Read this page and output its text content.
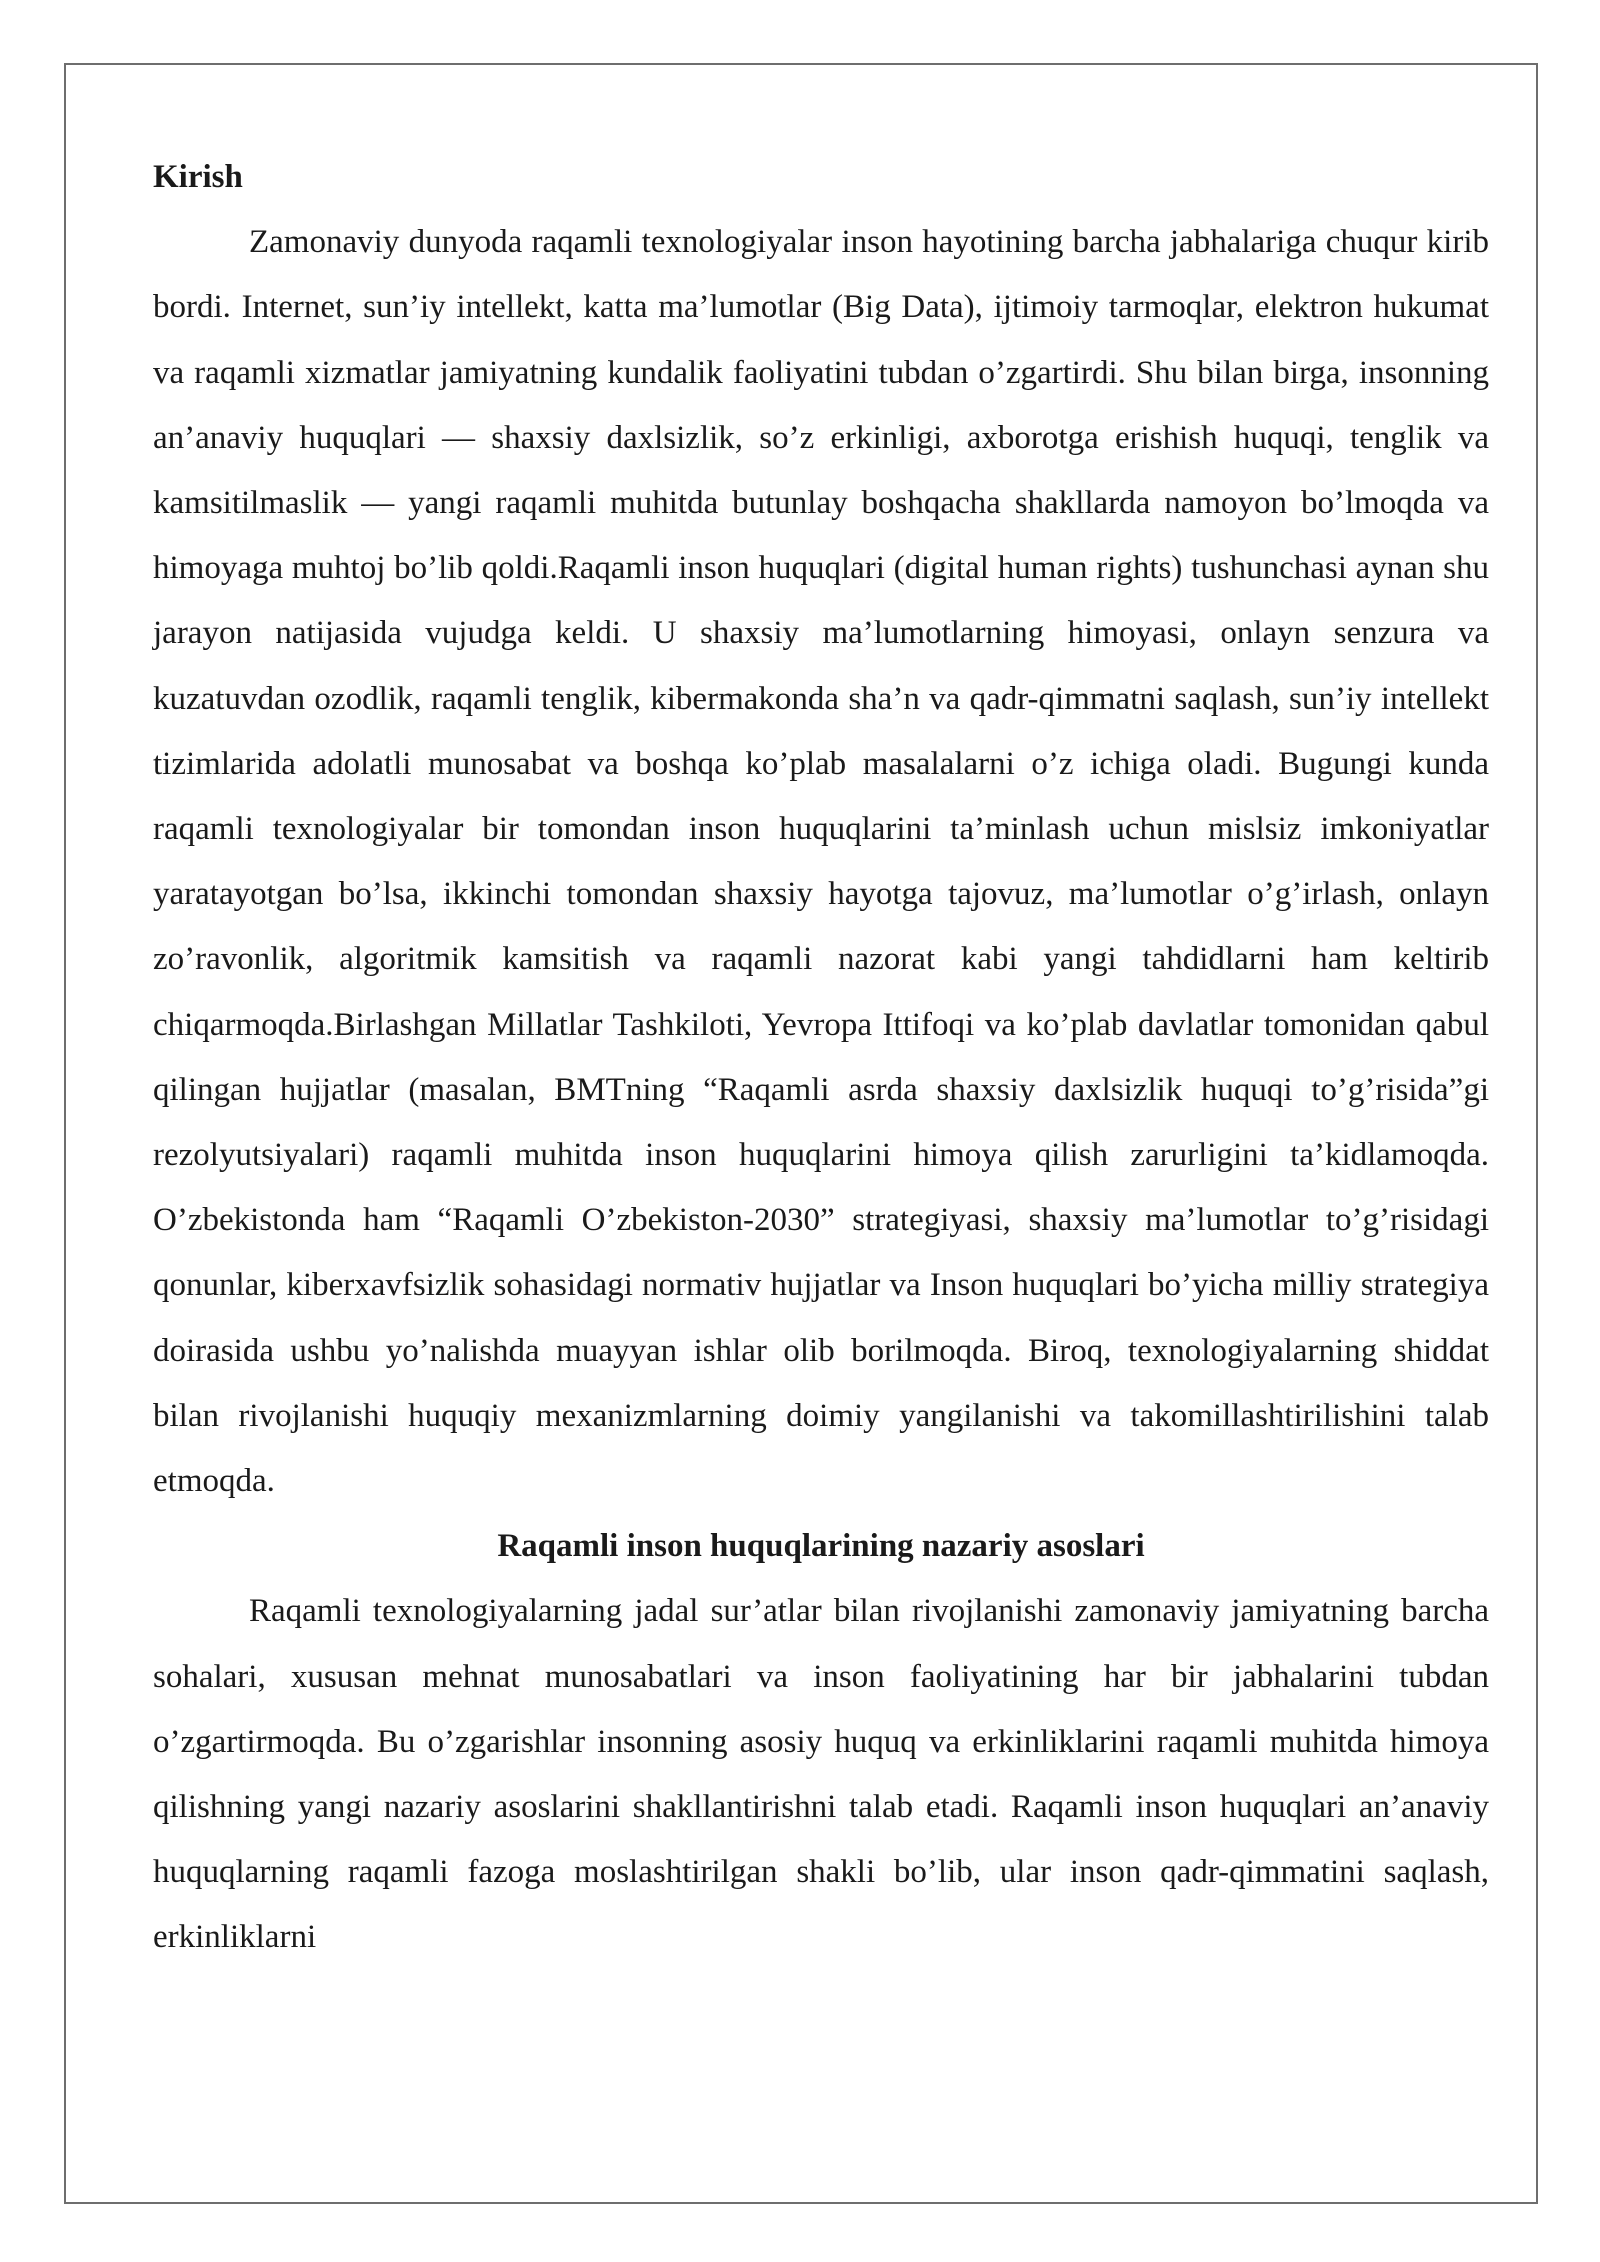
Kirish

Zamonaviy dunyoda raqamli texnologiyalar inson hayotining barcha jabhalariga chuqur kirib bordi. Internet, sun’iy intellekt, katta ma’lumotlar (Big Data), ijtimoiy tarmoqlar, elektron hukumat va raqamli xizmatlar jamiyatning kundalik faoliyatini tubdan o’zgartirdi. Shu bilan birga, insonning an’anaviy huquqlari — shaxsiy daxlsizlik, so’z erkinligi, axborotga erishish huquqi, tenglik va kamsitilmaslik — yangi raqamli muhitda butunlay boshqacha shakllarda namoyon bo’lmoqda va himoyaga muhtoj bo’lib qoldi.Raqamli inson huquqlari (digital human rights) tushunchasi aynan shu jarayon natijasida vujudga keldi. U shaxsiy ma’lumotlarning himoyasi, onlayn senzura va kuzatuvdan ozodlik, raqamli tenglik, kibermakonda sha’n va qadr-qimmatni saqlash, sun’iy intellekt tizimlarida adolatli munosabat va boshqa ko’plab masalalarni o’z ichiga oladi. Bugungi kunda raqamli texnologiyalar bir tomondan inson huquqlarini ta’minlash uchun mislsiz imkoniyatlar yaratayotgan bo’lsa, ikkinchi tomondan shaxsiy hayotga tajovuz, ma’lumotlar o’g’irlash, onlayn zo’ravonlik, algoritmik kamsitish va raqamli nazorat kabi yangi tahdidlarni ham keltirib chiqarmoqda.Birlashgan Millatlar Tashkiloti, Yevropa Ittifoqi va ko’plab davlatlar tomonidan qabul qilingan hujjatlar (masalan, BMTning “Raqamli asrda shaxsiy daxlsizlik huquqi to’g’risida”gi rezolyutsiyalari) raqamli muhitda inson huquqlarini himoya qilish zarurligini ta’kidlamoqda. O’zbekistonda ham “Raqamli O’zbekiston-2030” strategiyasi, shaxsiy ma’lumotlar to’g’risidagi qonunlar, kiberxavfsizlik sohasidagi normativ hujjatlar va Inson huquqlari bo’yicha milliy strategiya doirasida ushbu yo’nalishda muayyan ishlar olib borilmoqda. Biroq, texnologiyalarning shiddat bilan rivojlanishi huquqiy mexanizmlarning doimiy yangilanishi va takomillashtirilishini talab etmoqda.

Raqamli inson huquqlarining nazariy asoslari

Raqamli texnologiyalarning jadal sur’atlar bilan rivojlanishi zamonaviy jamiyatning barcha sohalari, xususan mehnat munosabatlari va inson faoliyatining har bir jabhalarini tubdan o’zgartirmoqda. Bu o’zgarishlar insonning asosiy huquq va erkinliklarini raqamli muhitda himoya qilishning yangi nazariy asoslarini shakllantirishni talab etadi. Raqamli inson huquqlari an’anaviy huquqlarning raqamli fazoga moslashtirilgan shakli bo’lib, ular inson qadr-qimmatini saqlash, erkinliklarni
